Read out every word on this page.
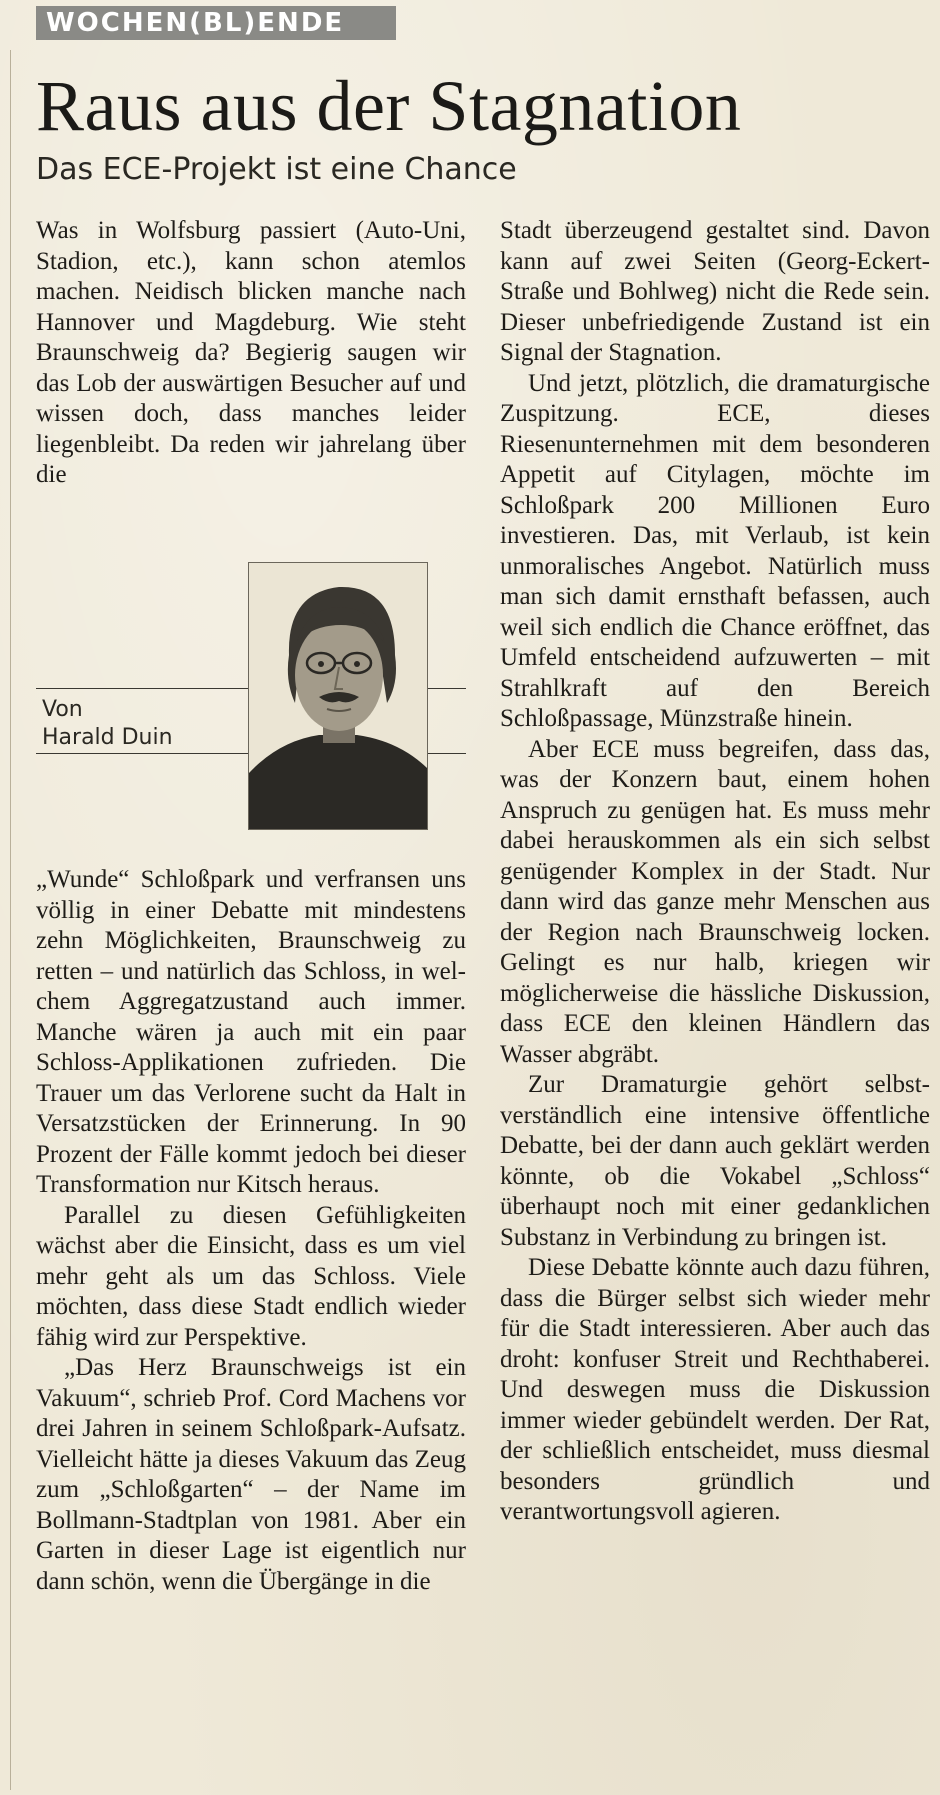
WOCHEN(BL)ENDE
Raus aus der Stagnation
Das ECE-Projekt ist eine Chance

Was in Wolfsburg passiert (Auto-Uni, Stadion, etc.), kann schon atemlos machen. Neidisch blicken manche nach Hannover und Magdeburg. Wie steht Braunschweig da? Begierig saugen wir das Lob der auswärtigen Besucher auf und wissen doch, dass manches leider liegenbleibt. Da reden wir jahrelang über die

Von
Harald Duin

„Wunde“ Schloßpark und verfransen uns völlig in einer Debatte mit mindestens zehn Möglichkeiten, Braunschweig zu retten – und natürlich das Schloss, in welchem Aggregatzustand auch immer. Manche wären ja auch mit ein paar Schloss-Applikationen zufrieden. Die Trauer um das Verlorene sucht da Halt in Versatzstücken der Erinnerung. In 90 Prozent der Fälle kommt jedoch bei dieser Transformation nur Kitsch heraus.

Parallel zu diesen Gefühligkeiten wächst aber die Einsicht, dass es um viel mehr geht als um das Schloss. Viele möchten, dass diese Stadt endlich wieder fähig wird zur Perspektive.

„Das Herz Braunschweigs ist ein Vakuum“, schrieb Prof. Cord Machens vor drei Jahren in seinem Schloßpark-Aufsatz. Vielleicht hätte ja dieses Vakuum das Zeug zum „Schloßgarten“ – der Name im Bollmann-Stadtplan von 1981. Aber ein Garten in dieser Lage ist eigentlich nur dann schön, wenn die Übergänge in die

Stadt überzeugend gestaltet sind. Davon kann auf zwei Seiten (Georg-Eckert-Straße und Bohlweg) nicht die Rede sein. Dieser unbefriedigende Zustand ist ein Signal der Stagnation.

Und jetzt, plötzlich, die dramaturgische Zuspitzung. ECE, dieses Riesenunternehmen mit dem besonderen Appetit auf Citylagen, möchte im Schloßpark 200 Millionen Euro investieren. Das, mit Verlaub, ist kein unmoralisches Angebot. Natürlich muss man sich damit ernsthaft befassen, auch weil sich endlich die Chance eröffnet, das Umfeld entscheidend aufzuwerten – mit Strahlkraft auf den Bereich Schloßpassage, Münzstraße hinein.

Aber ECE muss begreifen, dass das, was der Konzern baut, einem hohen Anspruch zu genügen hat. Es muss mehr dabei herauskommen als ein sich selbst genügender Komplex in der Stadt. Nur dann wird das ganze mehr Menschen aus der Region nach Braunschweig locken. Gelingt es nur halb, kriegen wir möglicherweise die hässliche Diskussion, dass ECE den kleinen Händlern das Wasser abgräbt.

Zur Dramaturgie gehört selbstverständlich eine intensive öffentliche Debatte, bei der dann auch geklärt werden könnte, ob die Vokabel „Schloss“ überhaupt noch mit einer gedanklichen Substanz in Verbindung zu bringen ist.

Diese Debatte könnte auch dazu führen, dass die Bürger selbst sich wieder mehr für die Stadt interessieren. Aber auch das droht: konfuser Streit und Rechthaberei. Und deswegen muss die Diskussion immer wieder gebündelt werden. Der Rat, der schließlich entscheidet, muss diesmal besonders gründlich und verantwortungsvoll agieren.
